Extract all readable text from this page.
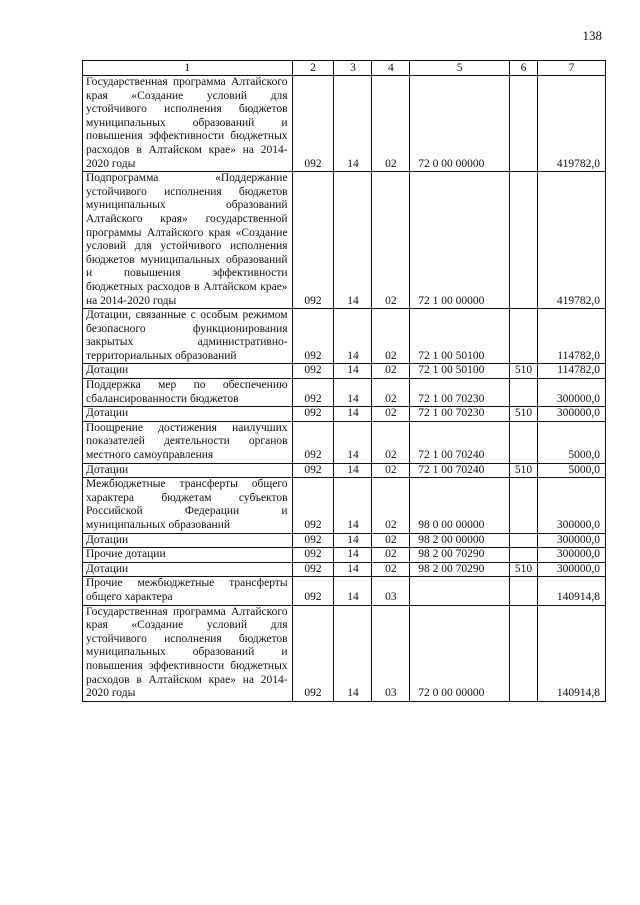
138
1	2	3	4	5	6	7
Государственная программа Алтайского края «Создание условий для устойчивого исполнения бюджетов муниципальных образований и повышения эффективности бюджетных расходов в Алтайском крае» на 2014-2020 годы	092	14	02	72 0 00 00000		419782,0
Подпрограмма «Поддержание устойчивого исполнения бюджетов муниципальных образований Алтайского края» государственной программы Алтайского края «Создание условий для устойчивого исполнения бюджетов муниципальных образований и повышения эффективности бюджетных расходов в Алтайском крае» на 2014-2020 годы	092	14	02	72 1 00 00000		419782,0
Дотации, связанные с особым режимом безопасного функционирования закрытых административно-территориальных образований	092	14	02	72 1 00 50100		114782,0
Дотации	092	14	02	72 1 00 50100	510	114782,0
Поддержка мер по обеспечению сбалансированности бюджетов	092	14	02	72 1 00 70230		300000,0
Дотации	092	14	02	72 1 00 70230	510	300000,0
Поощрение достижения наилучших показателей деятельности органов местного самоуправления	092	14	02	72 1 00 70240		5000,0
Дотации	092	14	02	72 1 00 70240	510	5000,0
Межбюджетные трансферты общего характера бюджетам субъектов Российской Федерации и муниципальных образований	092	14	02	98 0 00 00000		300000,0
Дотации	092	14	02	98 2 00 00000		300000,0
Прочие дотации	092	14	02	98 2 00 70290		300000,0
Дотации	092	14	02	98 2 00 70290	510	300000,0
Прочие межбюджетные трансферты общего характера	092	14	03			140914,8
Государственная программа Алтайского края «Создание условий для устойчивого исполнения бюджетов муниципальных образований и повышения эффективности бюджетных расходов в Алтайском крае» на 2014-2020 годы	092	14	03	72 0 00 00000		140914,8
